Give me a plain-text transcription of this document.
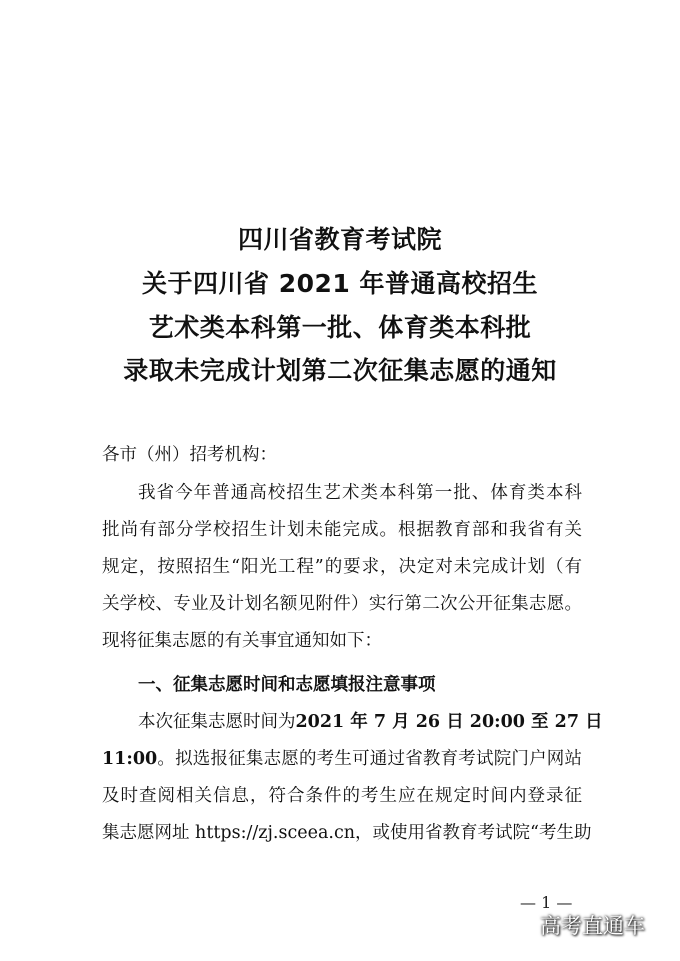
四川省教育考试院
关于四川省 2021 年普通高校招生
艺术类本科第一批、体育类本科批
录取未完成计划第二次征集志愿的通知
各市（州）招考机构：
我省今年普通高校招生艺术类本科第一批、体育类本科
批尚有部分学校招生计划未能完成。根据教育部和我省有关
规定，按照招生“阳光工程”的要求，决定对未完成计划（有
关学校、专业及计划名额见附件）实行第二次公开征集志愿。
现将征集志愿的有关事宜通知如下：
一、征集志愿时间和志愿填报注意事项
本次征集志愿时间为2021 年 7 月 26 日 20:00 至 27 日
11:00。拟选报征集志愿的考生可通过省教育考试院门户网站
及时查阅相关信息，符合条件的考生应在规定时间内登录征
集志愿网址 https://zj.sceea.cn，或使用省教育考试院“考生助
— 1 —
高考直通车
